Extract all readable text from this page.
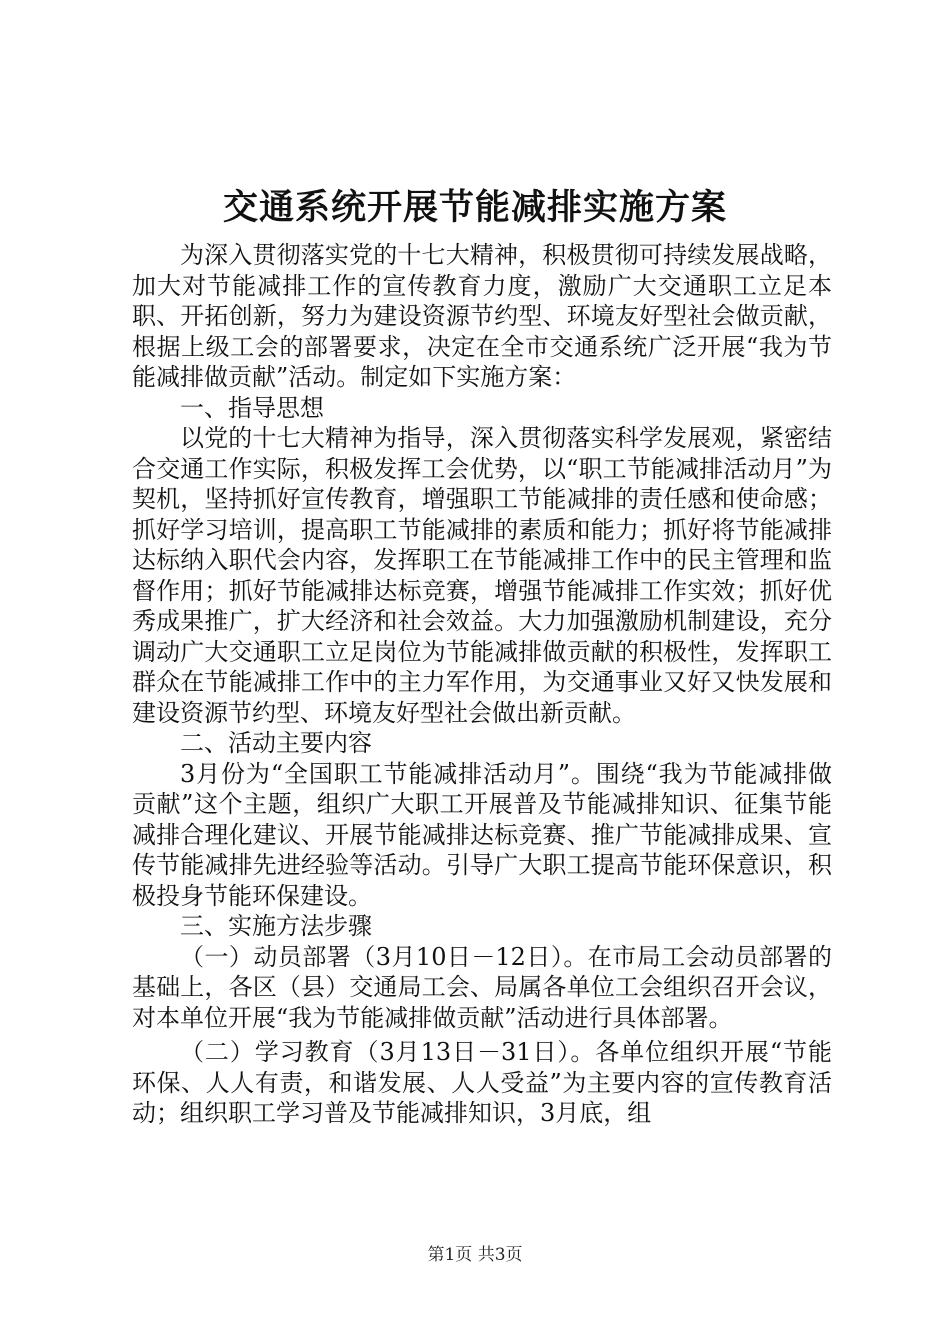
交通系统开展节能减排实施方案

为深入贯彻落实党的十七大精神，积极贯彻可持续发展战略，加大对节能减排工作的宣传教育力度，激励广大交通职工立足本职、开拓创新，努力为建设资源节约型、环境友好型社会做贡献，根据上级工会的部署要求，决定在全市交通系统广泛开展“我为节能减排做贡献”活动。制定如下实施方案：

一、指导思想

以党的十七大精神为指导，深入贯彻落实科学发展观，紧密结合交通工作实际，积极发挥工会优势，以“职工节能减排活动月”为契机，坚持抓好宣传教育，增强职工节能减排的责任感和使命感；抓好学习培训，提高职工节能减排的素质和能力；抓好将节能减排达标纳入职代会内容，发挥职工在节能减排工作中的民主管理和监督作用；抓好节能减排达标竞赛，增强节能减排工作实效；抓好优秀成果推广，扩大经济和社会效益。大力加强激励机制建设，充分调动广大交通职工立足岗位为节能减排做贡献的积极性，发挥职工群众在节能减排工作中的主力军作用，为交通事业又好又快发展和建设资源节约型、环境友好型社会做出新贡献。

二、活动主要内容

3月份为“全国职工节能减排活动月”。围绕“我为节能减排做贡献”这个主题，组织广大职工开展普及节能减排知识、征集节能减排合理化建议、开展节能减排达标竞赛、推广节能减排成果、宣传节能减排先进经验等活动。引导广大职工提高节能环保意识，积极投身节能环保建设。

三、实施方法步骤

（一）动员部署（3月10日－12日）。在市局工会动员部署的基础上，各区（县）交通局工会、局属各单位工会组织召开会议，对本单位开展“我为节能减排做贡献”活动进行具体部署。

（二）学习教育（3月13日－31日）。各单位组织开展“节能环保、人人有责，和谐发展、人人受益”为主要内容的宣传教育活动；组织职工学习普及节能减排知识，3月底，组

第1页 共3页
